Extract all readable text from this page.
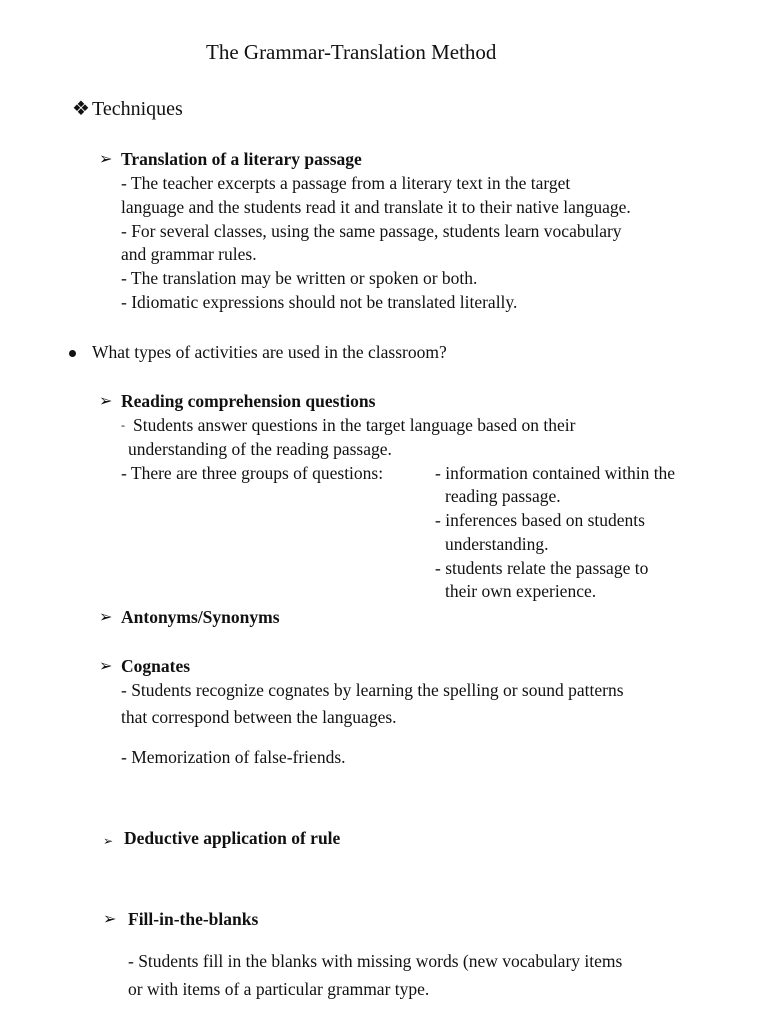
The Grammar-Translation Method
❖ Techniques
➢ Translation of a literary passage
- The teacher excerpts a passage from a literary text in the target
language and the students read it and translate it to their native language.
- For several classes, using the same passage, students learn vocabulary
and grammar rules.
- The translation may be written or spoken or both.
- Idiomatic expressions should not be translated literally.
What types of activities are used in the classroom?
➢ Reading comprehension questions
- Students answer questions in the target language based on their
understanding of the reading passage.
- There are three groups of questions:	- information contained within the
reading passage.
- inferences based on students
understanding.
- students relate the passage to
their own experience.
➢ Antonyms/Synonyms
➢ Cognates
- Students recognize cognates by learning the spelling or sound patterns
that correspond between the languages.
- Memorization of false-friends.
➢ Deductive application of rule
➢ Fill-in-the-blanks
- Students fill in the blanks with missing words (new vocabulary items
or with items of a particular grammar type.
